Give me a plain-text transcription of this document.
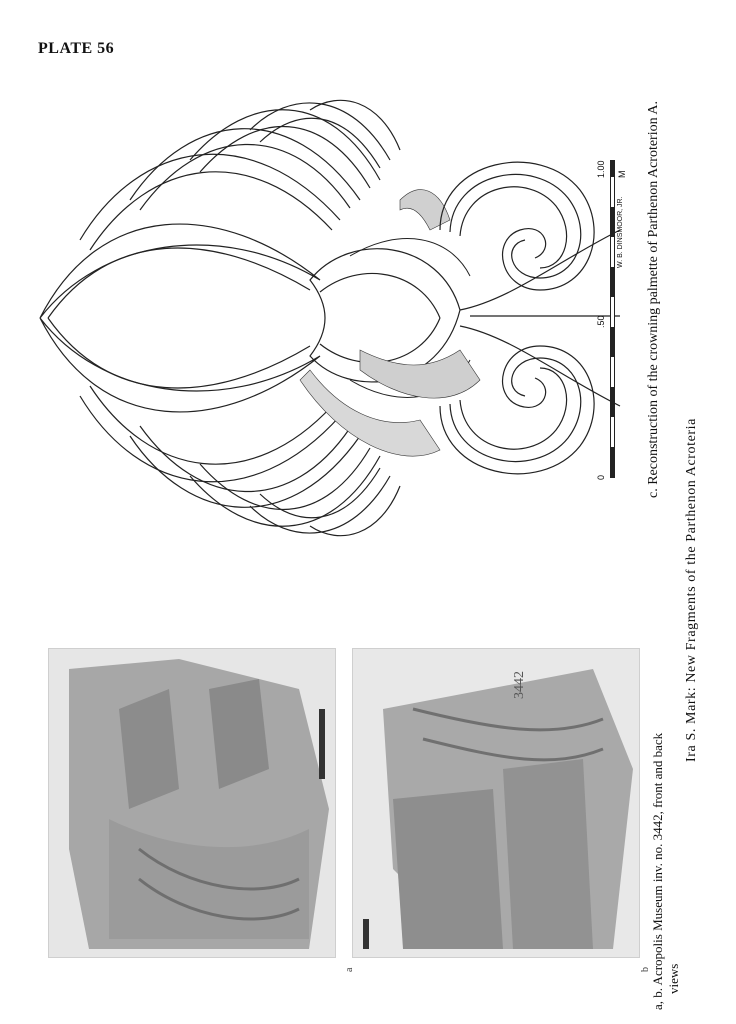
PLATE 56
0
.50
1.00 M
W. B. DINSMOOR, JR. c. Reconstruction of the crowning palmette of Parthenon Acroterion A.
3442
a	b a, b. Acropolis Museum inv. no. 3442, front and back views
Ira S. Mark: New Fragments of the Parthenon Acroteria
